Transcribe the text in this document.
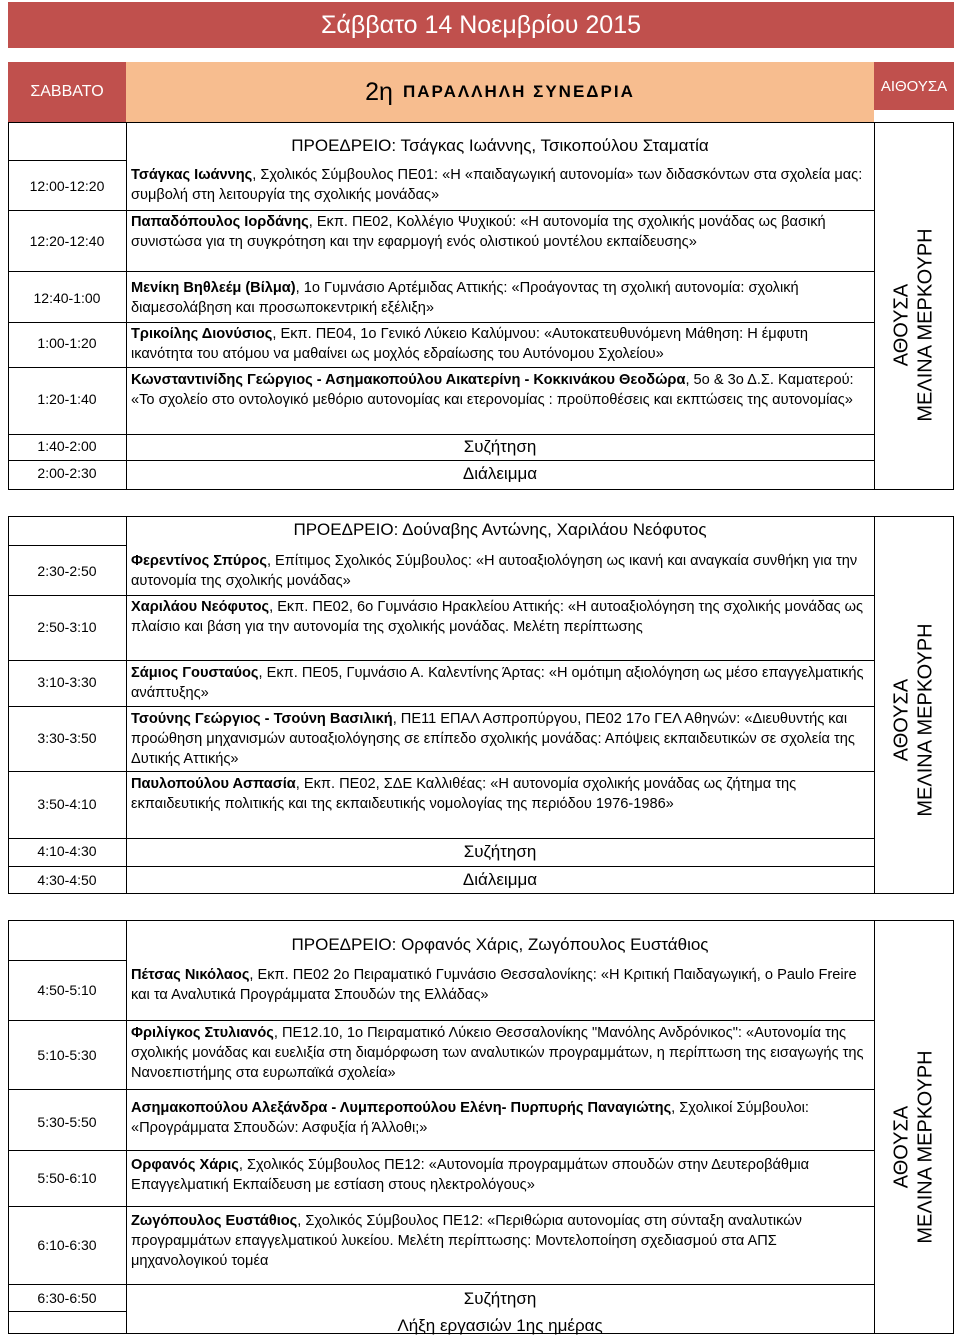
Σάββατο 14 Νοεμβρίου 2015
ΣΑΒΒΑΤΟ	2η ΠΑΡΑΛΛΗΛΗ ΣΥΝΕΔΡΙΑ	ΑΙΘΟΥΣΑ
ΠΡΟΕΔΡΕΙΟ: Τσάγκας Ιωάννης, Τσικοπούλου Σταματία
12:00-12:20
12:20-12:40
12:40-1:00
1:00-1:20
1:20-1:40
1:40-2:00
2:00-2:30
Τσάγκας Ιωάννης, Σχολικός Σύμβουλος ΠΕ01: «Η «παιδαγωγική αυτονομία» των διδασκόντων στα σχολεία μας: συμβολή στη λειτουργία της σχολικής μονάδας»
Παπαδόπουλος Ιορδάνης, Εκπ. ΠΕ02, Κολλέγιο Ψυχικού: «Η αυτονομία της σχολικής μονάδας ως βασική συνιστώσα για τη συγκρότηση και την εφαρμογή ενός ολιστικού μοντέλου εκπαίδευσης»
Μενίκη Βηθλεέμ (Βίλμα), 1ο Γυμνάσιο Αρτέμιδας Αττικής: «Προάγοντας τη σχολική αυτονομία: σχολική διαμεσολάβηση και προσωποκεντρική εξέλιξη»
Τρικοίλης Διονύσιος, Εκπ. ΠΕ04, 1ο Γενικό Λύκειο Καλύμνου: «Αυτοκατευθυνόμενη Μάθηση: Η έμφυτη ικανότητα του ατόμου να μαθαίνει ως μοχλός εδραίωσης του Αυτόνομου Σχολείου»
Κωνσταντινίδης Γεώργιος - Ασημακοπούλου Αικατερίνη - Κοκκινάκου Θεοδώρα, 5ο & 3ο Δ.Σ. Καματερού: «Το σχολείο στο οντολογικό μεθόριο αυτονομίας και ετερονομίας : προϋποθέσεις και εκπτώσεις της αυτονομίας»
Συζήτηση
Διάλειμμα
ΑΘΟΥΣΑ ΜΕΛΙΝΑ ΜΕΡΚΟΥΡΗ
ΠΡΟΕΔΡΕΙΟ: Δούναβης Αντώνης, Χαριλάου Νεόφυτος
2:30-2:50
2:50-3:10
3:10-3:30
3:30-3:50
3:50-4:10
4:10-4:30
4:30-4:50
Φερεντίνος Σπύρος, Επίτιμος Σχολικός Σύμβουλος: «Η αυτοαξιολόγηση ως ικανή και αναγκαία συνθήκη για την αυτονομία της σχολικής μονάδας»
Χαριλάου Νεόφυτος, Εκπ. ΠΕ02, 6ο Γυμνάσιο Ηρακλείου Αττικής: «Η αυτοαξιολόγηση της σχολικής μονάδας ως πλαίσιο και βάση για την αυτονομία της σχολικής μονάδας. Μελέτη περίπτωσης
Σάμιος Γουσταύος, Εκπ. ΠΕ05, Γυμνάσιο Α. Καλεντίνης Άρτας: «Η ομότιμη αξιολόγηση ως μέσο επαγγελματικής ανάπτυξης»
Τσούνης Γεώργιος - Τσούνη Βασιλική, ΠΕ11 ΕΠΑΛ Ασπροπύργου, ΠΕ02 17ο ΓΕΛ Αθηνών: «Διευθυντής και προώθηση μηχανισμών αυτοαξιολόγησης σε επίπεδο σχολικής μονάδας: Απόψεις εκπαιδευτικών σε σχολεία της Δυτικής Αττικής»
Παυλοπούλου Ασπασία, Εκπ. ΠΕ02, ΣΔΕ Καλλιθέας: «Η αυτονομία σχολικής μονάδας ως ζήτημα της εκπαιδευτικής πολιτικής και της εκπαιδευτικής νομολογίας της περιόδου 1976-1986»
Συζήτηση
Διάλειμμα
ΑΘΟΥΣΑ ΜΕΛΙΝΑ ΜΕΡΚΟΥΡΗ
ΠΡΟΕΔΡΕΙΟ: Ορφανός Χάρις, Ζωγόπουλος Ευστάθιος
4:50-5:10
5:10-5:30
5:30-5:50
5:50-6:10
6:10-6:30
6:30-6:50
Πέτσας Νικόλαος, Εκπ. ΠΕ02 2ο Πειραματικό Γυμνάσιο Θεσσαλονίκης: «Η Κριτική Παιδαγωγική, ο Paulo Freire και τα Αναλυτικά Προγράμματα Σπουδών της Ελλάδας»
Φριλίγκος Στυλιανός, ΠΕ12.10, 1ο Πειραματικό Λύκειο Θεσσαλονίκης "Μανόλης Ανδρόνικος": «Αυτονομία της σχολικής μονάδας και ευελιξία στη διαμόρφωση των αναλυτικών προγραμμάτων, η περίπτωση της εισαγωγής της Νανοεπιστήμης στα ευρωπαϊκά σχολεία»
Ασημακοπούλου Αλεξάνδρα - Λυμπεροπούλου Ελένη- Πυρπυρής Παναγιώτης, Σχολικοί Σύμβουλοι: «Προγράμματα Σπουδών: Ασφυξία ή Άλλοθι;»
Ορφανός Χάρις, Σχολικός Σύμβουλος ΠΕ12: «Αυτονομία προγραμμάτων σπουδών στην Δευτεροβάθμια Επαγγελματική Εκπαίδευση με εστίαση στους ηλεκτρολόγους»
Ζωγόπουλος Ευστάθιος, Σχολικός Σύμβουλος ΠΕ12: «Περιθώρια αυτονομίας στη σύνταξη αναλυτικών προγραμμάτων επαγγελματικού λυκείου. Μελέτη περίπτωσης: Μοντελοποίηση σχεδιασμού στα ΑΠΣ μηχανολογικού τομέα
Συζήτηση
Λήξη εργασιών 1ης ημέρας
ΑΘΟΥΣΑ ΜΕΛΙΝΑ ΜΕΡΚΟΥΡΗ
